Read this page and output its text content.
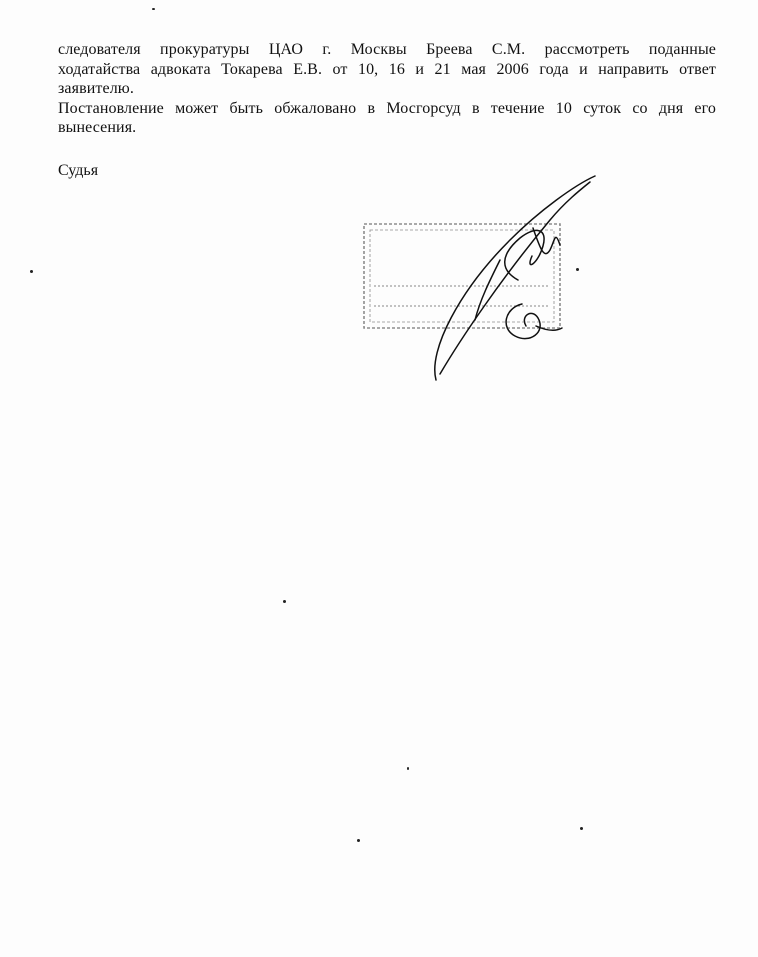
следователя прокуратуры ЦАО г. Москвы Бреева С.М. рассмотреть поданные
ходатайства адвоката Токарева Е.В. от 10, 16 и 21 мая 2006 года и направить ответ
заявителю.
Постановление может быть обжаловано в Мосгорсуд в течение 10 суток со дня его
вынесения.
Судья
